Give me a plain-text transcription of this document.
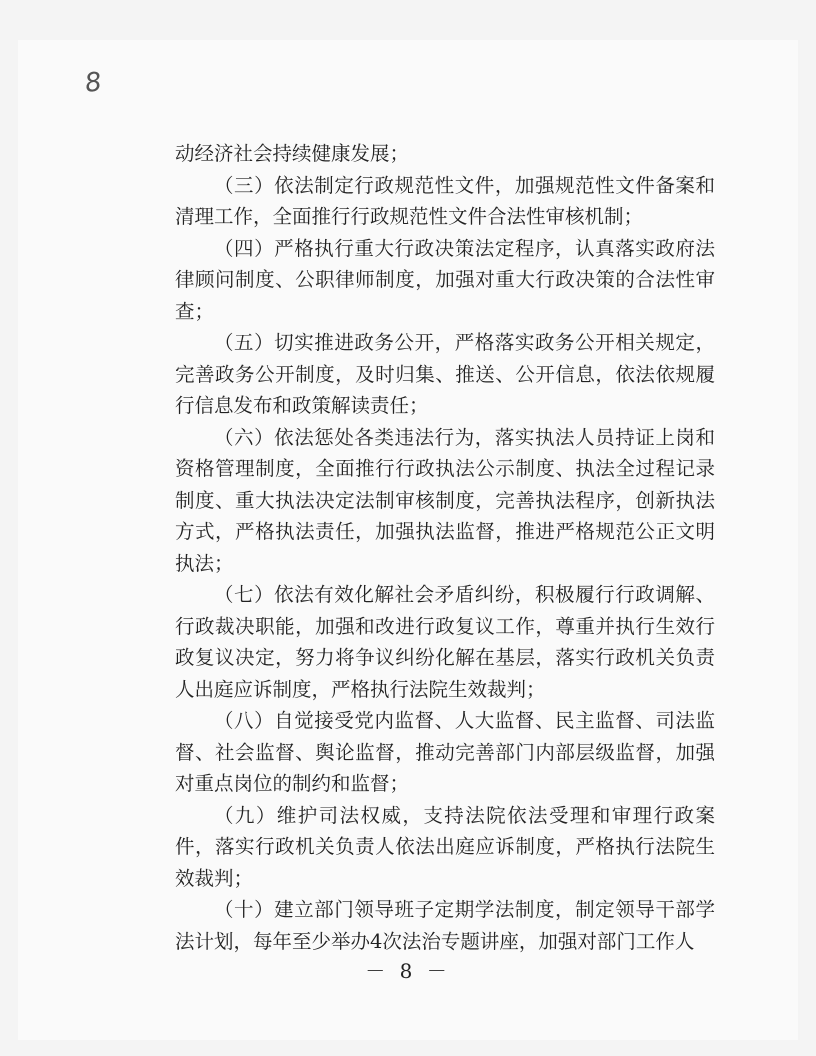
8

动经济社会持续健康发展；

（三）依法制定行政规范性文件，加强规范性文件备案和清理工作，全面推行行政规范性文件合法性审核机制；

（四）严格执行重大行政决策法定程序，认真落实政府法律顾问制度、公职律师制度，加强对重大行政决策的合法性审查；

（五）切实推进政务公开，严格落实政务公开相关规定，完善政务公开制度，及时归集、推送、公开信息，依法依规履行信息发布和政策解读责任；

（六）依法惩处各类违法行为，落实执法人员持证上岗和资格管理制度，全面推行行政执法公示制度、执法全过程记录制度、重大执法决定法制审核制度，完善执法程序，创新执法方式，严格执法责任，加强执法监督，推进严格规范公正文明执法；

（七）依法有效化解社会矛盾纠纷，积极履行行政调解、行政裁决职能，加强和改进行政复议工作，尊重并执行生效行政复议决定，努力将争议纠纷化解在基层，落实行政机关负责人出庭应诉制度，严格执行法院生效裁判；

（八）自觉接受党内监督、人大监督、民主监督、司法监督、社会监督、舆论监督，推动完善部门内部层级监督，加强对重点岗位的制约和监督；

（九）维护司法权威，支持法院依法受理和审理行政案件，落实行政机关负责人依法出庭应诉制度，严格执行法院生效裁判；

（十）建立部门领导班子定期学法制度，制定领导干部学法计划，每年至少举办4次法治专题讲座，加强对部门工作人

－ 8 －
